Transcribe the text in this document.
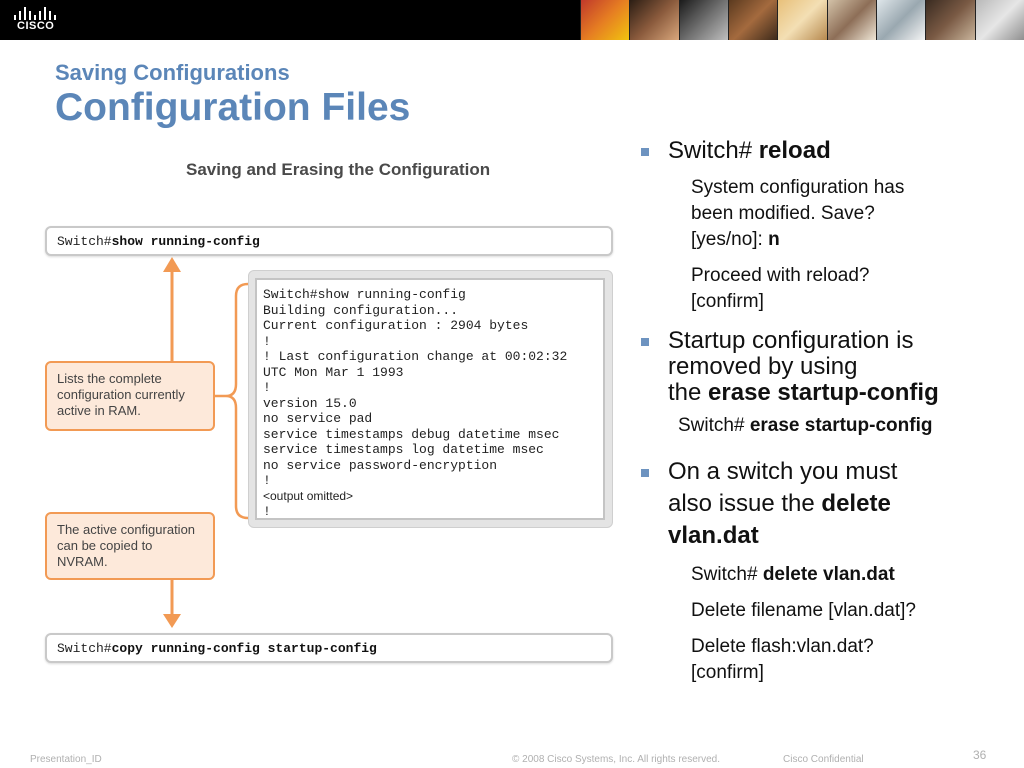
CISCO
Saving Configurations
Configuration Files
Saving and Erasing the Configuration
Switch#show running-config
Switch#show running-config
Building configuration...
Current configuration : 2904 bytes
!
! Last configuration change at 00:02:32
UTC Mon Mar 1 1993
!
version 15.0
no service pad
service timestamps debug datetime msec
service timestamps log datetime msec
no service password-encryption
!
<output omitted>
!
Lists the complete configuration currently active in RAM.
The active configuration can be copied to NVRAM.
Switch#copy running-config startup-config
Switch# reload
System configuration has
been modified. Save?
[yes/no]: n
Proceed with reload?
[confirm]
Startup configuration is
removed by using
the erase startup-config
Switch# erase startup-config
On a switch you must
also issue the delete
vlan.dat
Switch# delete vlan.dat
Delete filename [vlan.dat]?
Delete flash:vlan.dat?
[confirm]
Presentation_ID	© 2008 Cisco Systems, Inc. All rights reserved.	Cisco Confidential	36
